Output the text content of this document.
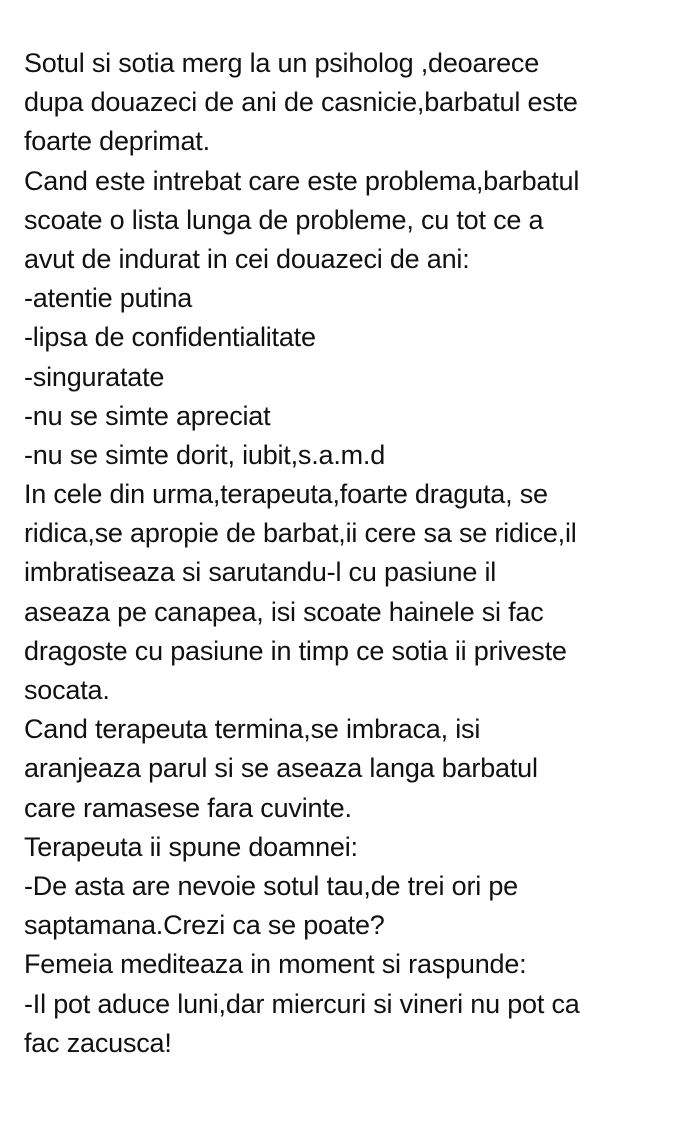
Sotul si sotia merg la un psiholog ,deoarece
dupa douazeci de ani de casnicie,barbatul este
foarte deprimat.
Cand este intrebat care este problema,barbatul
scoate o lista lunga de probleme, cu tot ce a
avut de indurat in cei douazeci de ani:
-atentie putina
-lipsa de confidentialitate
-singuratate
-nu se simte apreciat
-nu se simte dorit, iubit,s.a.m.d
In cele din urma,terapeuta,foarte draguta, se
ridica,se apropie de barbat,ii cere sa se ridice,il
imbratiseaza si sarutandu-l cu pasiune il
aseaza pe canapea, isi scoate hainele si fac
dragoste cu pasiune in timp ce sotia ii priveste
socata.
Cand terapeuta termina,se imbraca, isi
aranjeaza parul si se aseaza langa barbatul
care ramasese fara cuvinte.
Terapeuta ii spune doamnei:
-De asta are nevoie sotul tau,de trei ori pe
saptamana.Crezi ca se poate?
Femeia mediteaza in moment si raspunde:
-Il pot aduce luni,dar miercuri si vineri nu pot ca
fac zacusca!
